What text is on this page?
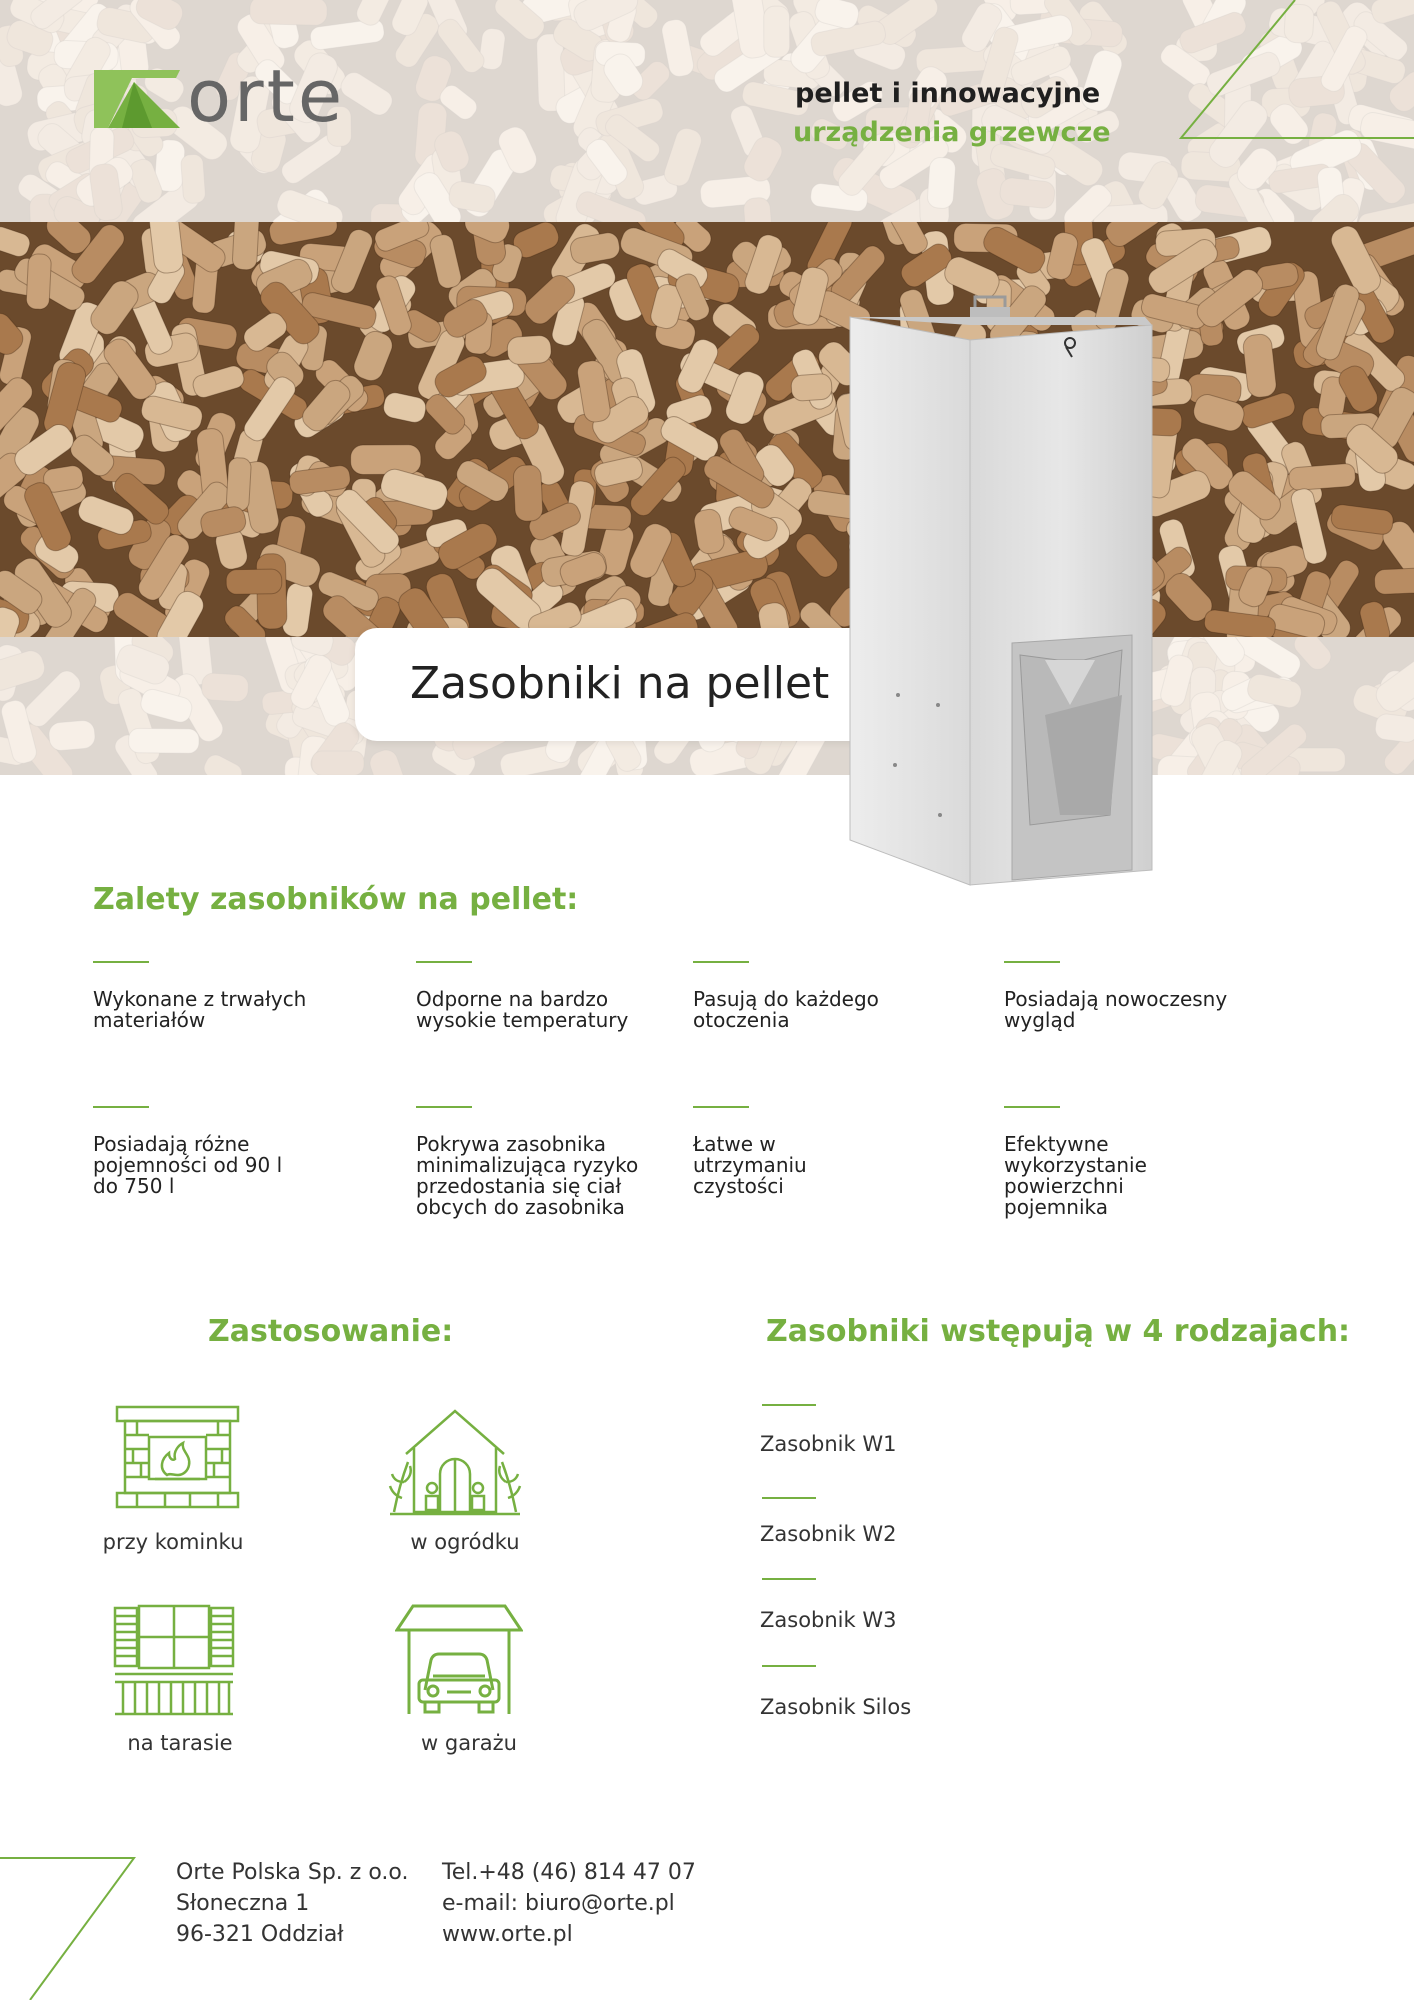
orte	pellet i innowacyjne
urządzenia grzewcze
Zasobniki na pellet
Zalety zasobników na pellet:
Wykonane z trwałych materiałów
Odporne na bardzo wysokie temperatury
Pasują do każdego otoczenia
Posiadają nowoczesny wygląd
Posiadają różne pojemności od 90 l do 750 l
Pokrywa zasobnika minimalizująca ryzyko przedostania się ciał obcych do zasobnika
Łatwe w utrzymaniu czystości
Efektywne wykorzystanie powierzchni pojemnika
Zastosowanie:
przy kominku	w ogródku
na tarasie	w garażu
Zasobniki wstępują w 4 rodzajach:
Zasobnik W1
Zasobnik W2
Zasobnik W3
Zasobnik Silos
Orte Polska Sp. z o.o.
Słoneczna 1
96-321 Oddział
Tel.+48 (46) 814 47 07
e-mail: biuro@orte.pl
www.orte.pl
